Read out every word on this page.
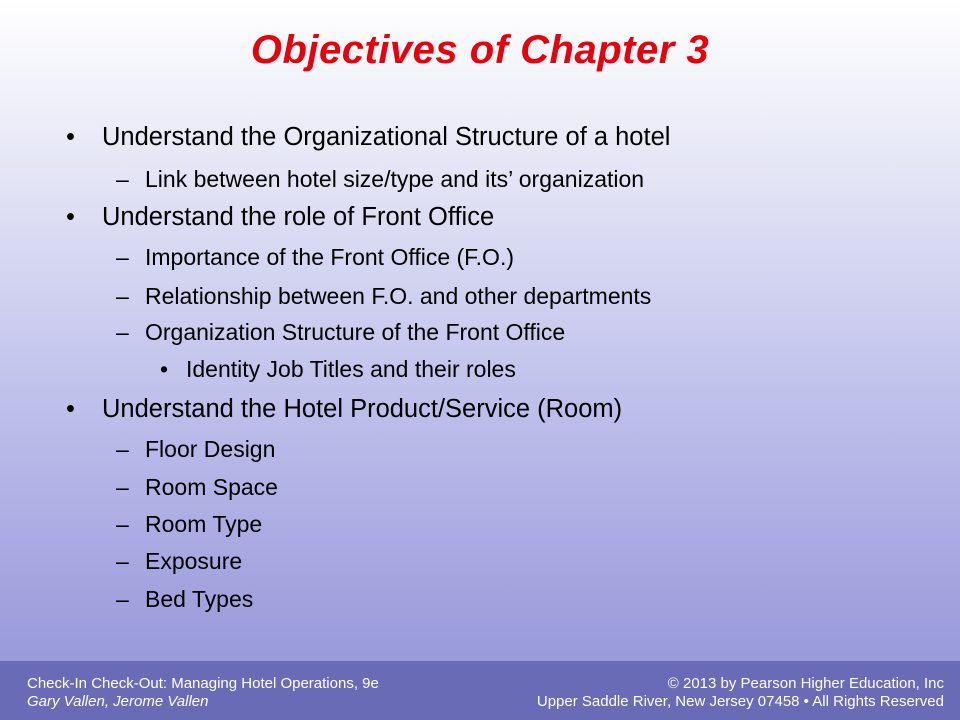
Objectives of Chapter 3
• Understand the Organizational Structure of a hotel
– Link between hotel size/type and its’ organization
• Understand the role of Front Office
– Importance of the Front Office (F.O.)
– Relationship between F.O. and other departments
– Organization Structure of the Front Office
• Identity Job Titles and their roles
• Understand the Hotel Product/Service (Room)
– Floor Design
– Room Space
– Room Type
– Exposure
– Bed Types
Check-In Check-Out: Managing Hotel Operations, 9e
Gary Vallen, Jerome Vallen
© 2013 by Pearson Higher Education, Inc
Upper Saddle River, New Jersey 07458 • All Rights Reserved
